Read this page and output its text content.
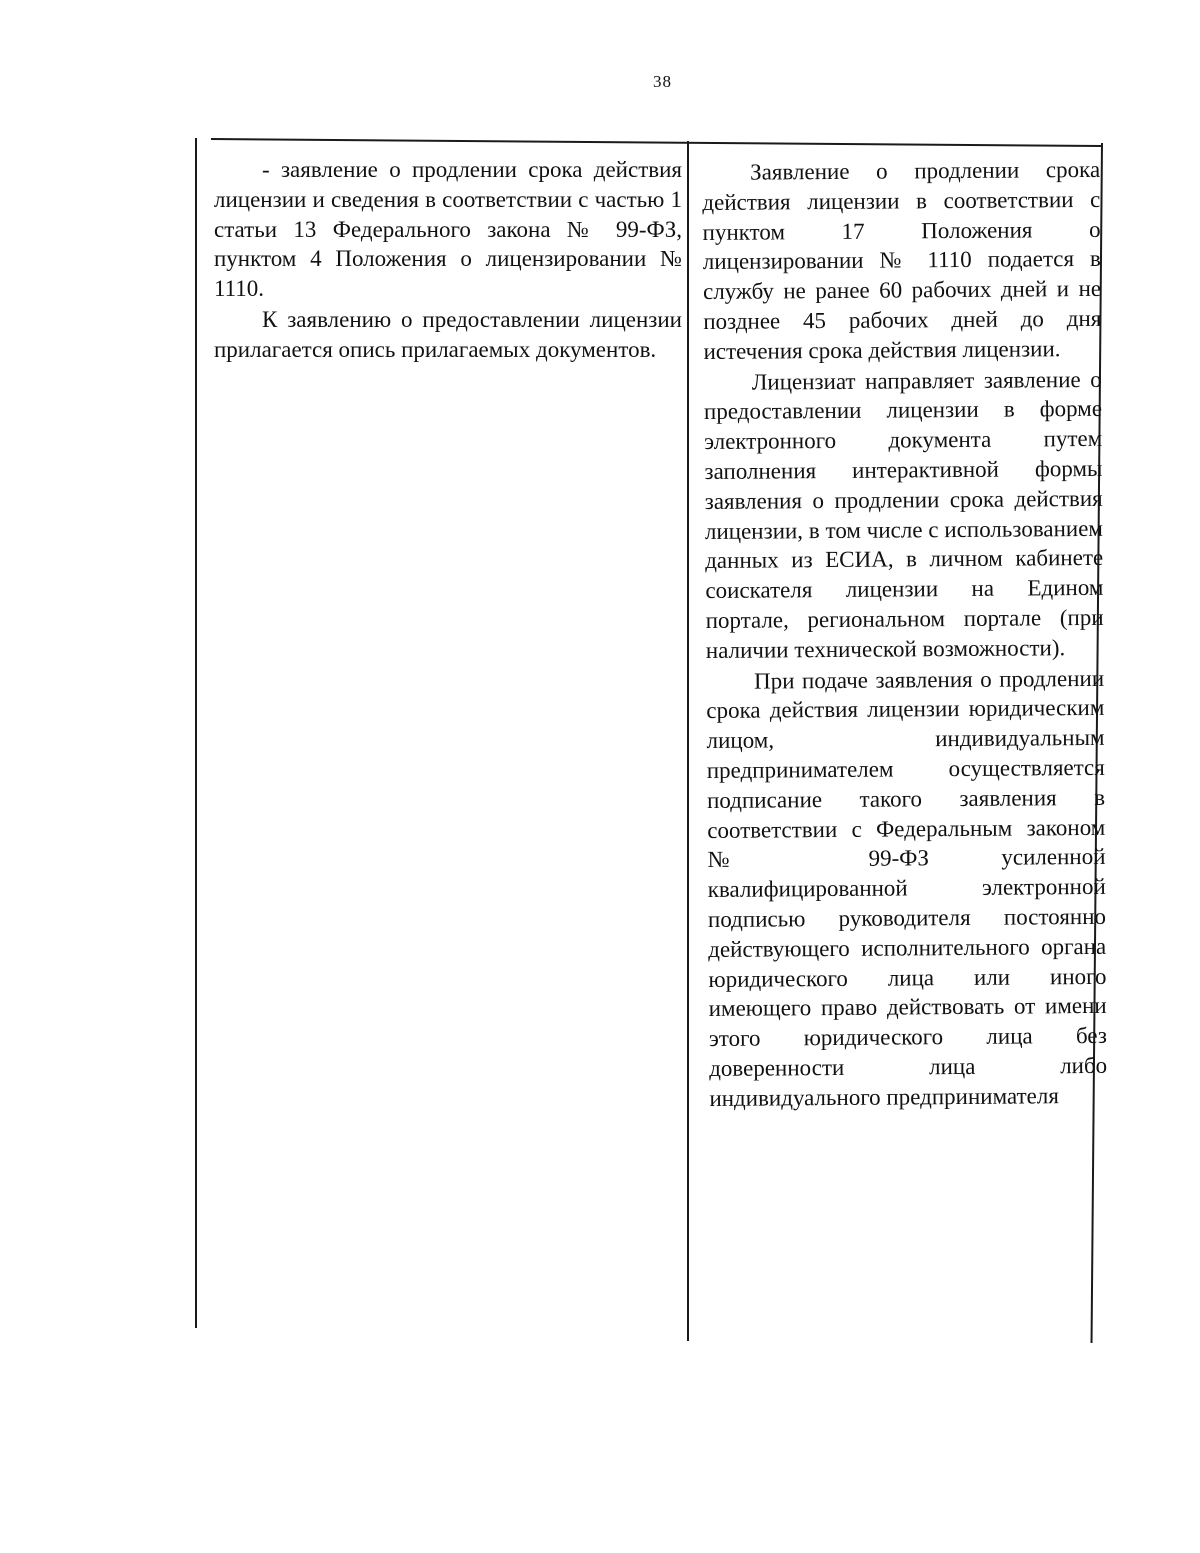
38

- заявление о продлении срока действия лицензии и сведения в соответствии с частью 1 статьи 13 Федерального закона № 99-ФЗ, пунктом 4 Положения о лицензировании № 1110.

К заявлению о предоставлении лицензии прилагается опись прилагаемых документов.

Заявление о продлении срока действия лицензии в соответствии с пунктом 17 Положения о лицензировании № 1110 подается в службу не ранее 60 рабочих дней и не позднее 45 рабочих дней до дня истечения срока действия лицензии.

Лицензиат направляет заявление о предоставлении лицензии в форме электронного документа путем заполнения интерактивной формы заявления о продлении срока действия лицензии, в том числе с использованием данных из ЕСИА, в личном кабинете соискателя лицензии на Едином портале, региональном портале (при наличии технической возможности).

При подаче заявления о продлении срока действия лицензии юридическим лицом, индивидуальным предпринимателем осуществляется подписание такого заявления в соответствии с Федеральным законом № 99-ФЗ усиленной квалифицированной электронной подписью руководителя постоянно действующего исполнительного органа юридического лица или иного имеющего право действовать от имени этого юридического лица без доверенности лица либо индивидуального предпринимателя
